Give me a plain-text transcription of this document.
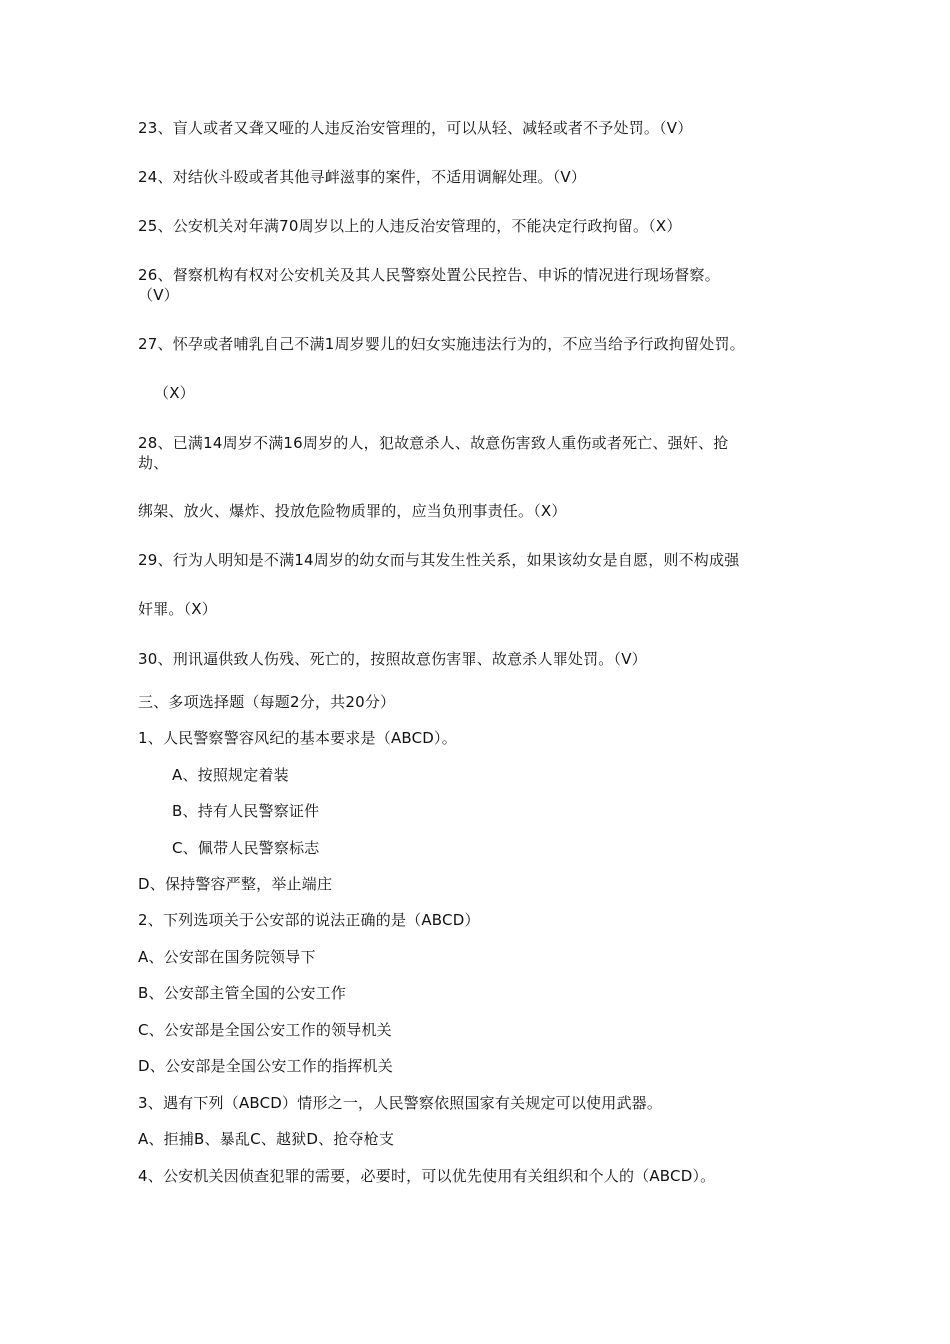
23、盲人或者又聋又哑的人违反治安管理的，可以从轻、减轻或者不予处罚。（V）
24、对结伙斗殴或者其他寻衅滋事的案件，不适用调解处理。（V）
25、公安机关对年满70周岁以上的人违反治安管理的，不能决定行政拘留。（X）
26、督察机构有权对公安机关及其人民警察处置公民控告、申诉的情况进行现场督察。
（V）
27、怀孕或者哺乳自己不满1周岁婴儿的妇女实施违法行为的，不应当给予行政拘留处罚。
（X）
28、已满14周岁不满16周岁的人，犯故意杀人、故意伤害致人重伤或者死亡、强奸、抢
劫、
绑架、放火、爆炸、投放危险物质罪的，应当负刑事责任。（X）
29、行为人明知是不满14周岁的幼女而与其发生性关系，如果该幼女是自愿，则不构成强
奸罪。（X）
30、刑讯逼供致人伤残、死亡的，按照故意伤害罪、故意杀人罪处罚。（V）
三、多项选择题（每题2分，共20分）
1、人民警察警容风纪的基本要求是（ABCD）。
A、按照规定着装
B、持有人民警察证件
C、佩带人民警察标志
D、保持警容严整，举止端庄
2、下列选项关于公安部的说法正确的是（ABCD）
A、公安部在国务院领导下
B、公安部主管全国的公安工作
C、公安部是全国公安工作的领导机关
D、公安部是全国公安工作的指挥机关
3、遇有下列（ABCD）情形之一，人民警察依照国家有关规定可以使用武器。
A、拒捕B、暴乱C、越狱D、抢夺枪支
4、公安机关因侦查犯罪的需要，必要时，可以优先使用有关组织和个人的（ABCD）。
